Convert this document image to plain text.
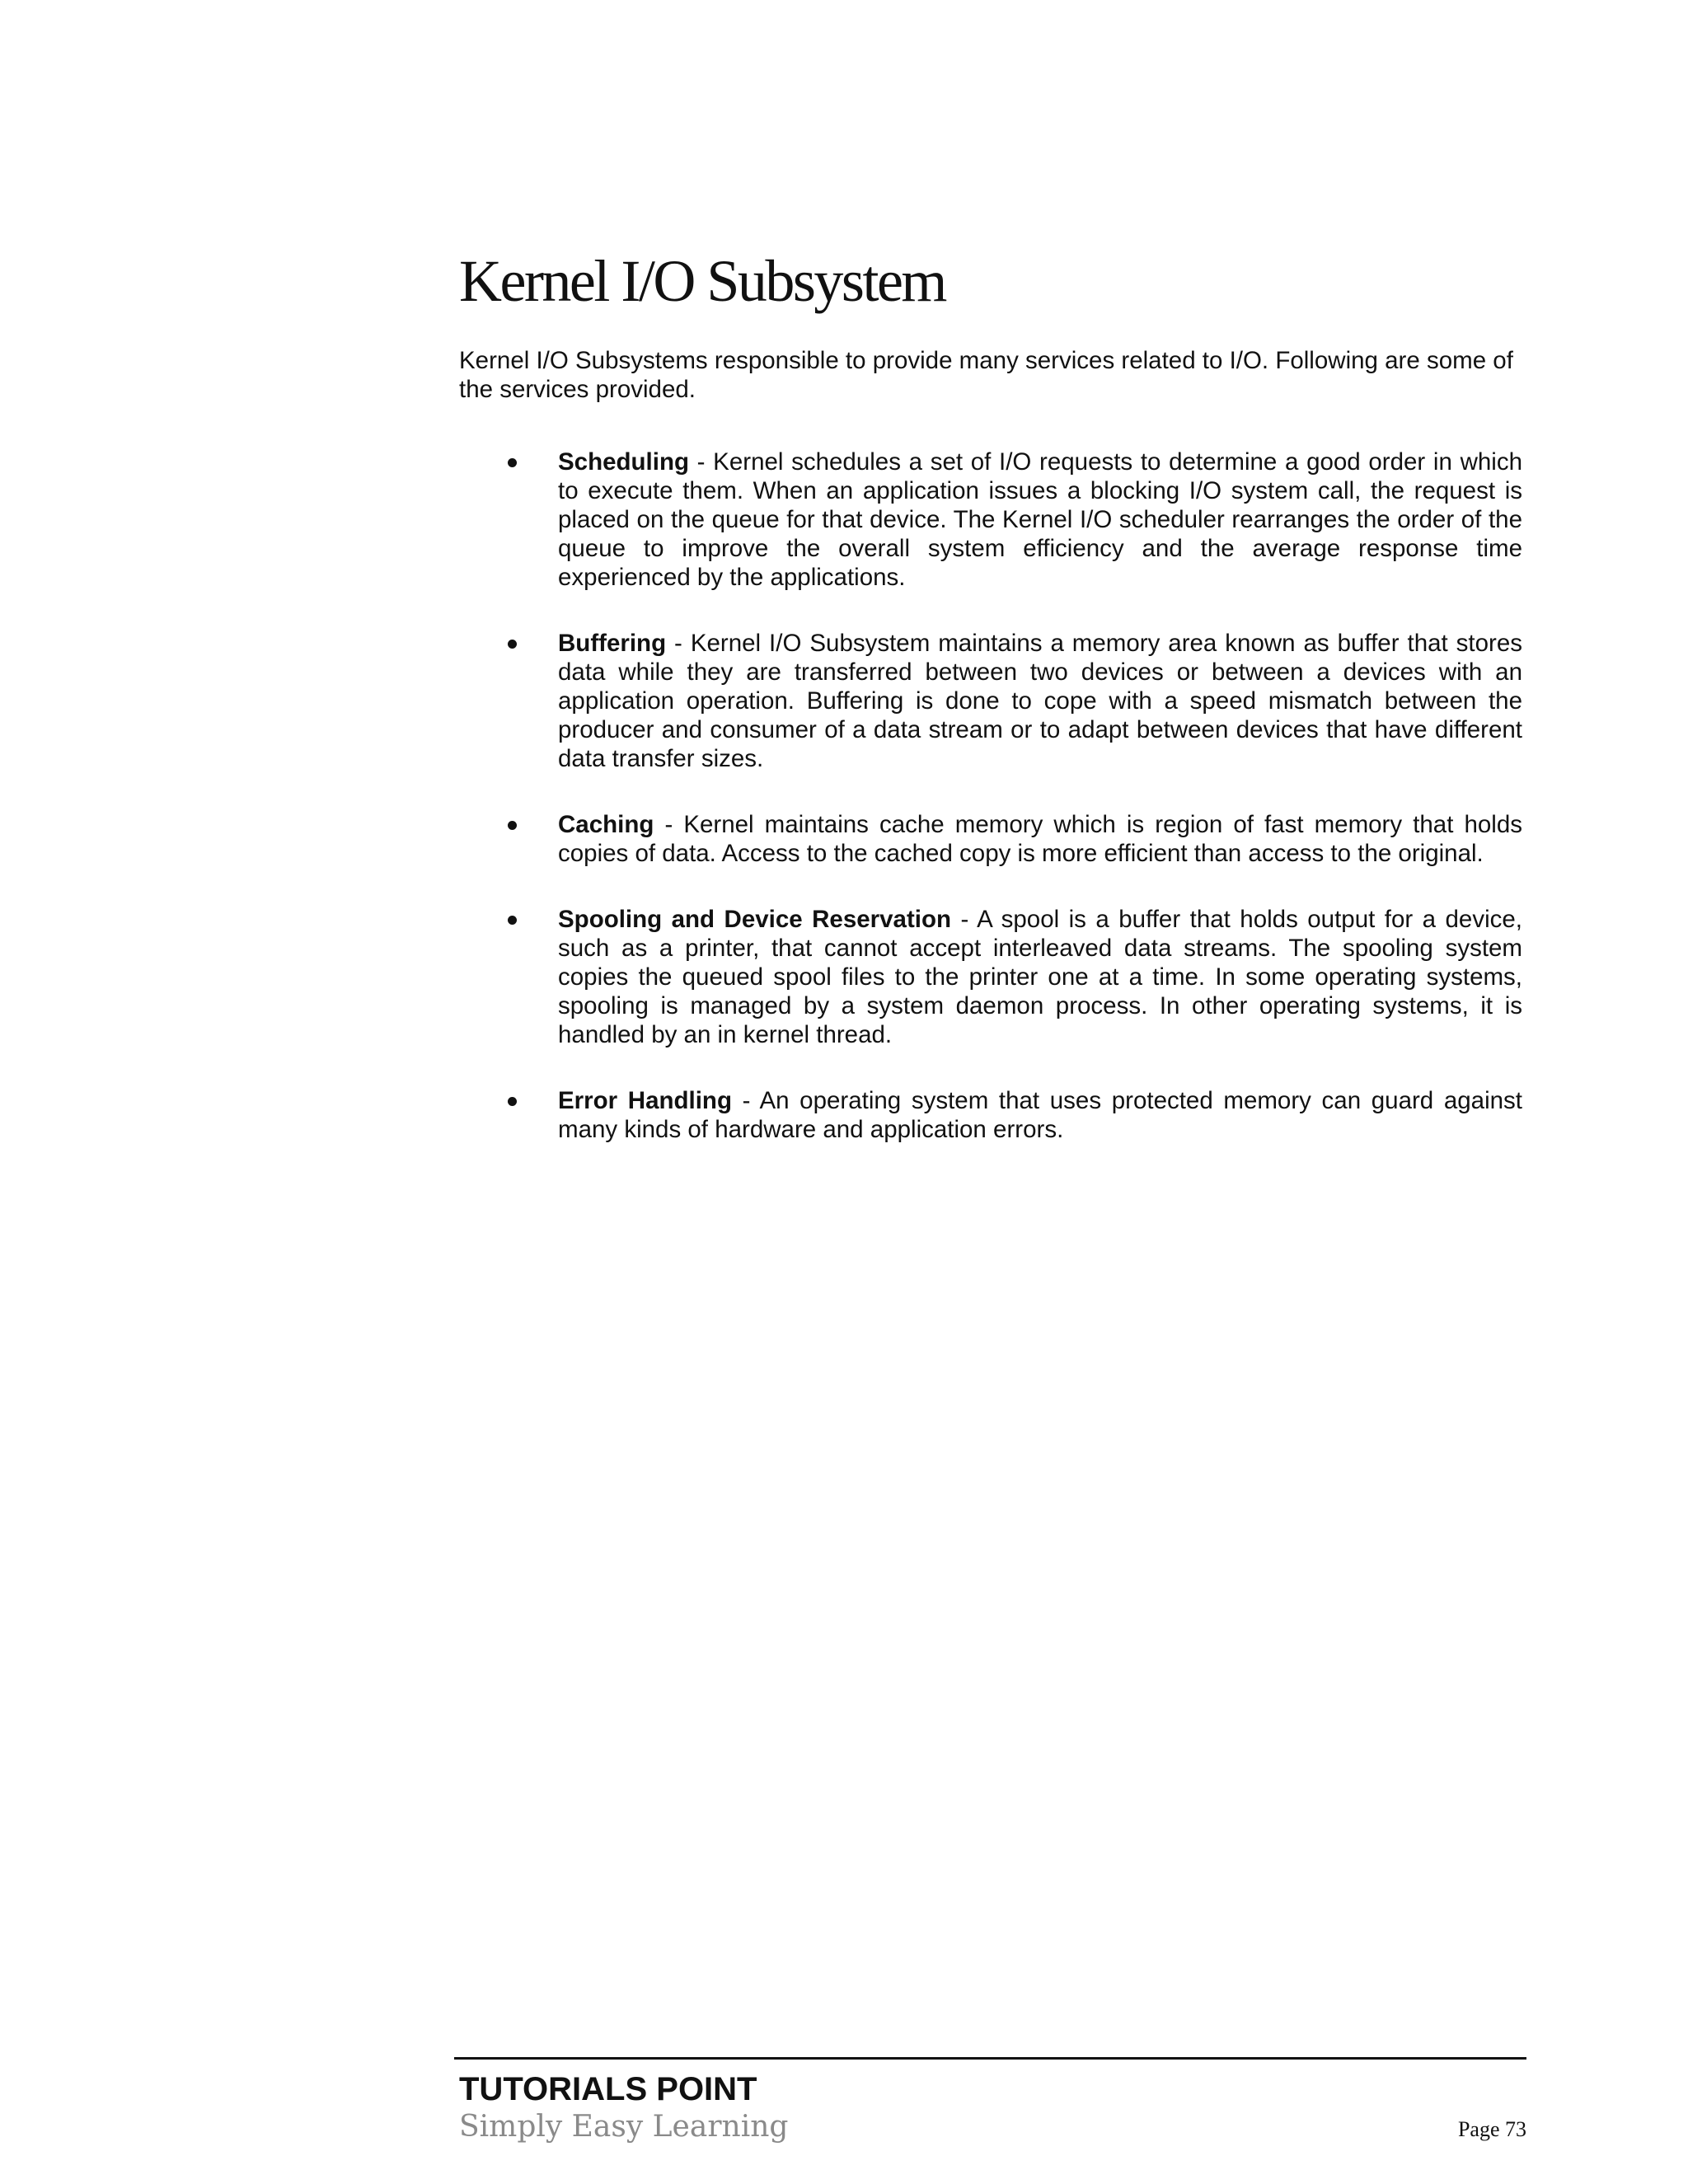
Kernel I/O Subsystem

Kernel I/O Subsystems responsible to provide many services related to I/O. Following are some of the services provided.

Scheduling - Kernel schedules a set of I/O requests to determine a good order in which to execute them. When an application issues a blocking I/O system call, the request is placed on the queue for that device. The Kernel I/O scheduler rearranges the order of the queue to improve the overall system efficiency and the average response time experienced by the applications.
Buffering - Kernel I/O Subsystem maintains a memory area known as buffer that stores data while they are transferred between two devices or between a devices with an application operation. Buffering is done to cope with a speed mismatch between the producer and consumer of a data stream or to adapt between devices that have different data transfer sizes.
Caching - Kernel maintains cache memory which is region of fast memory that holds copies of data. Access to the cached copy is more efficient than access to the original.
Spooling and Device Reservation - A spool is a buffer that holds output for a device, such as a printer, that cannot accept interleaved data streams. The spooling system copies the queued spool files to the printer one at a time. In some operating systems, spooling is managed by a system daemon process. In other operating systems, it is handled by an in kernel thread.
Error Handling - An operating system that uses protected memory can guard against many kinds of hardware and application errors.

TUTORIALS POINT

Simply Easy Learning	Page 73
